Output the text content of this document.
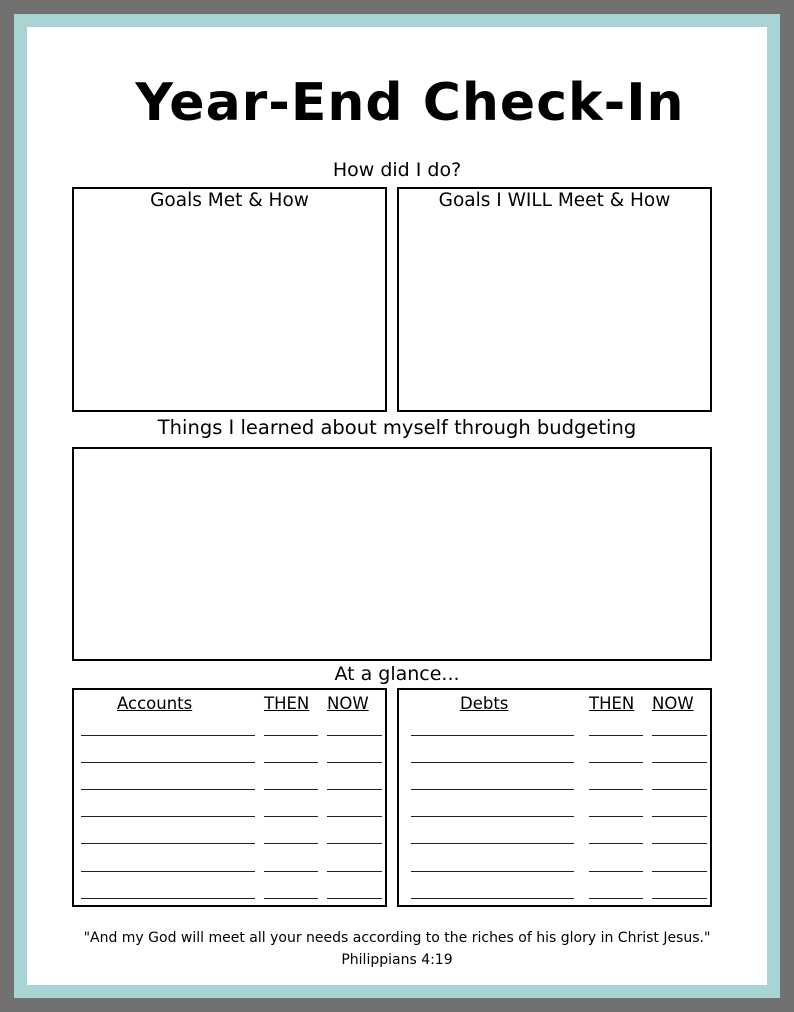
Year-End Check-In
How did I do?
Goals Met & How	Goals I WILL Meet & How
Things I learned about myself through budgeting
At a glance...
Accounts	THEN NOW	Debts	THEN NOW
"And my God will meet all your needs according to the riches of his glory in Christ Jesus."
Philippians 4:19
